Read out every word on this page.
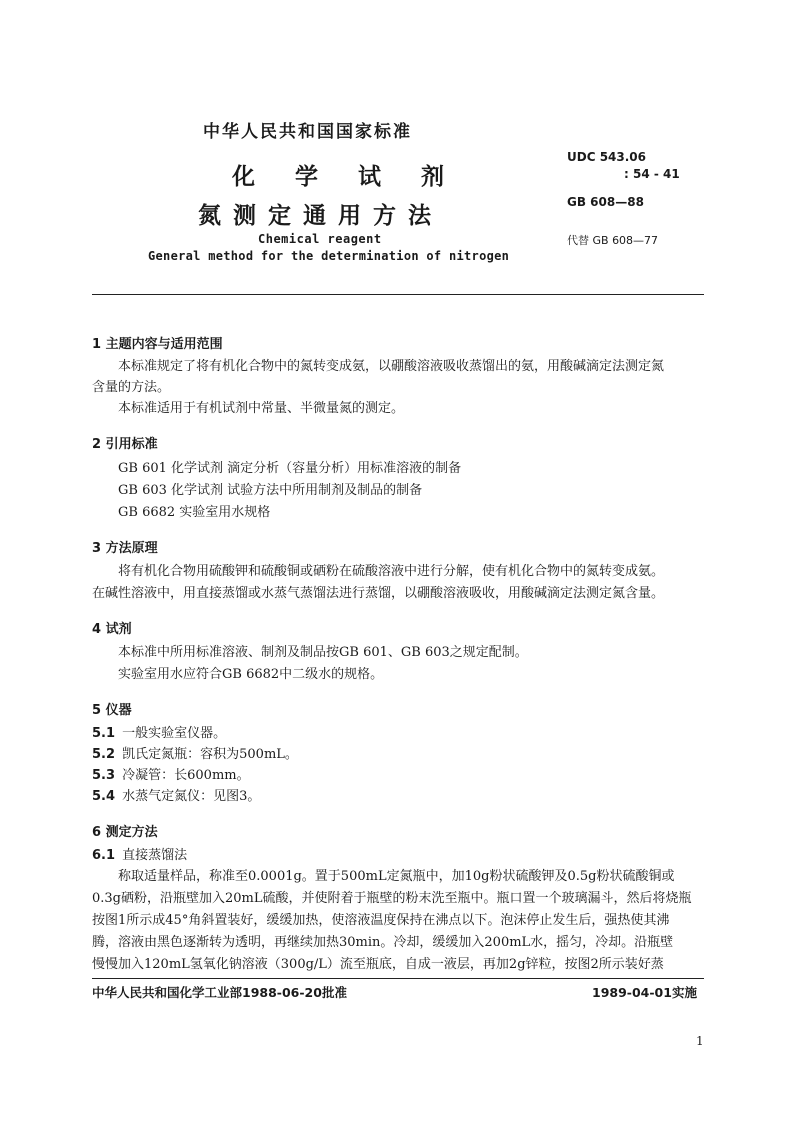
中华人民共和国国家标准
化 学 试 剂
氮测定通用方法
Chemical reagent
General method for the determination of nitrogen
UDC 543.06
: 54 - 41
GB 608—88
代替 GB 608—77
1 主题内容与适用范围
本标准规定了将有机化合物中的氮转变成氨，以硼酸溶液吸收蒸馏出的氨，用酸碱滴定法测定氮
含量的方法。
本标准适用于有机试剂中常量、半微量氮的测定。
2 引用标准
GB 601 化学试剂 滴定分析（容量分析）用标准溶液的制备
GB 603 化学试剂 试验方法中所用制剂及制品的制备
GB 6682 实验室用水规格
3 方法原理
将有机化合物用硫酸钾和硫酸铜或硒粉在硫酸溶液中进行分解，使有机化合物中的氮转变成氨。
在碱性溶液中，用直接蒸馏或水蒸气蒸馏法进行蒸馏，以硼酸溶液吸收，用酸碱滴定法测定氮含量。
4 试剂
本标准中所用标准溶液、制剂及制品按GB 601、GB 603之规定配制。
实验室用水应符合GB 6682中二级水的规格。
5 仪器
5.1 一般实验室仪器。
5.2 凯氏定氮瓶：容积为500mL。
5.3 冷凝管：长600mm。
5.4 水蒸气定氮仪：见图3。
6 测定方法
6.1 直接蒸馏法
称取适量样品，称准至0.0001g。置于500mL定氮瓶中，加10g粉状硫酸钾及0.5g粉状硫酸铜或
0.3g硒粉，沿瓶壁加入20mL硫酸，并使附着于瓶壁的粉末洗至瓶中。瓶口置一个玻璃漏斗，然后将烧瓶
按图1所示成45°角斜置装好，缓缓加热，使溶液温度保持在沸点以下。泡沫停止发生后，强热使其沸
腾，溶液由黑色逐渐转为透明，再继续加热30min。冷却，缓缓加入200mL水，摇匀，冷却。沿瓶壁
慢慢加入120mL氢氧化钠溶液（300g/L）流至瓶底，自成一液层，再加2g锌粒，按图2所示装好蒸
中华人民共和国化学工业部1988-06-20批准	1989-04-01实施
1
